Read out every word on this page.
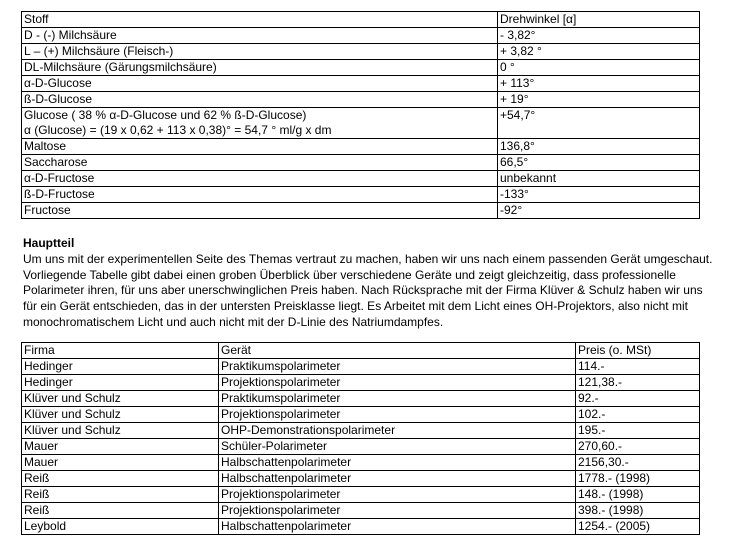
Stoff	Drehwinkel [α]
D - (-) Milchsäure	- 3,82°
L – (+) Milchsäure (Fleisch-)	+ 3,82 °
DL-Milchsäure (Gärungsmilchsäure)	0 °
α-D-Glucose	+ 113°
ß-D-Glucose	+ 19°

Glucose ( 38 % α-D-Glucose und 62 % ß-D-Glucose)
α (Glucose) = (19 x 0,62 + 113 x 0,38)° = 54,7 ° ml/g x dm	+54,7°
Maltose	136,8°
Saccharose	66,5°
α-D-Fructose	unbekannt
ß-D-Fructose	-133°
Fructose	-92°
Hauptteil

Um uns mit der experimentellen Seite des Themas vertraut zu machen, haben wir uns nach einem passenden Gerät umgeschaut. Vorliegende Tabelle gibt dabei einen groben Überblick über verschiedene Geräte und zeigt gleichzeitig, dass professionelle Polarimeter ihren, für uns aber unerschwinglichen Preis haben. Nach Rücksprache mit der Firma Klüver & Schulz haben wir uns für ein Gerät entschieden, das in der untersten Preisklasse liegt. Es Arbeitet mit dem Licht eines OH-Projektors, also nicht mit monochromatischem Licht und auch nicht mit der D-Linie des Natriumdampfes.

Firma	Gerät	Preis (o. MSt)
Hedinger	Praktikumspolarimeter	114.-
Hedinger	Projektionspolarimeter	121,38.-
Klüver und Schulz	Praktikumspolarimeter	92.-
Klüver und Schulz	Projektionspolarimeter	102.-
Klüver und Schulz	OHP-Demonstrationspolarimeter	195.-
Mauer	Schüler-Polarimeter	270,60.-
Mauer	Halbschattenpolarimeter	2156,30.-
Reiß	Halbschattenpolarimeter	1778.- (1998)
Reiß	Projektionspolarimeter	148.- (1998)
Reiß	Projektionspolarimeter	398.- (1998)
Leybold	Halbschattenpolarimeter	1254.- (2005)
